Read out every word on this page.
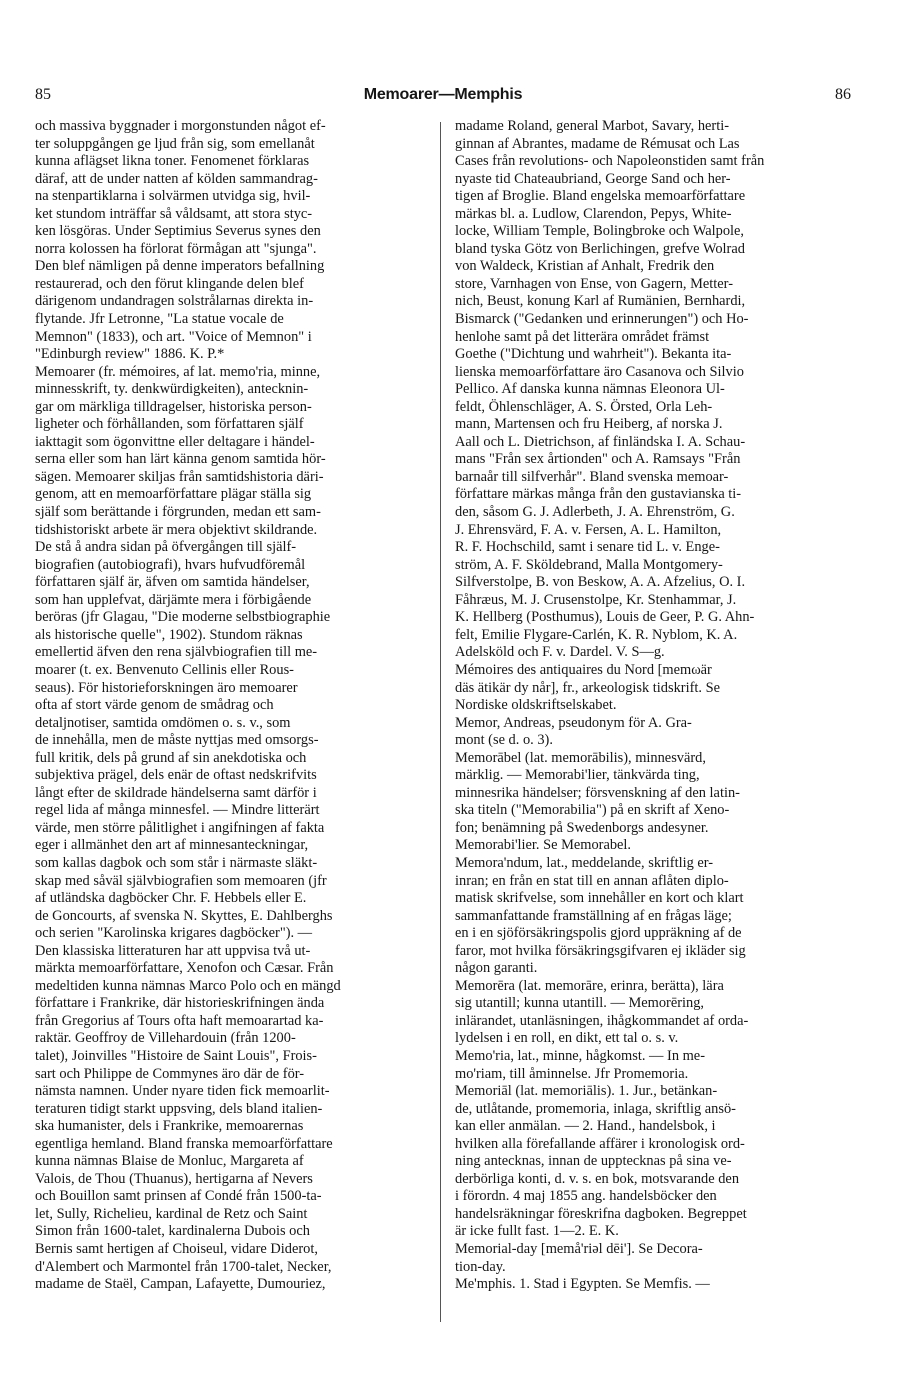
85	Memoarer—Memphis	86
och massiva byggnader i morgonstunden något ef-
ter soluppgången ge ljud från sig, som emellanåt
kunna aflägset likna toner. Fenomenet förklaras
däraf, att de under natten af kölden sammandrag-
na stenpartiklarna i solvärmen utvidga sig, hvil-
ket stundom inträffar så våldsamt, att stora styc-
ken lösgöras. Under Septimius Severus synes den
norra kolossen ha förlorat förmågan att "sjunga".
Den blef nämligen på denne imperators befallning
restaurerad, och den förut klingande delen blef
därigenom undandragen solstrålarnas direkta in-
flytande. Jfr Letronne, "La statue vocale de
Memnon" (1833), och art. "Voice of Memnon" i
"Edinburgh review" 1886. K. P.*
Memoarer (fr. mémoires, af lat. memo'ria, minne,
minnesskrift, ty. denkwürdigkeiten), antecknin-
gar om märkliga tilldragelser, historiska person-
ligheter och förhållanden, som författaren själf
iakttagit som ögonvittne eller deltagare i händel-
serna eller som han lärt känna genom samtida hör-
sägen. Memoarer skiljas från samtidshistoria däri-
genom, att en memoarförfattare plägar ställa sig
själf som berättande i förgrunden, medan ett sam-
tidshistoriskt arbete är mera objektivt skildrande.
De stå å andra sidan på öfvergången till själf-
biografien (autobiografi), hvars hufvudföremål
författaren själf är, äfven om samtida händelser,
som han upplefvat, därjämte mera i förbigående
beröras (jfr Glagau, "Die moderne selbstbiographie
als historische quelle", 1902). Stundom räknas
emellertid äfven den rena självbiografien till me-
moarer (t. ex. Benvenuto Cellinis eller Rous-
seaus). För historieforskningen äro memoarer
ofta af stort värde genom de smådrag och
detaljnotiser, samtida omdömen o. s. v., som
de innehålla, men de måste nyttjas med omsorgs-
full kritik, dels på grund af sin anekdotiska och
subjektiva prägel, dels enär de oftast nedskrifvits
långt efter de skildrade händelserna samt därför i
regel lida af många minnesfel. — Mindre litterärt
värde, men större pålitlighet i angifningen af fakta
eger i allmänhet den art af minnesanteckningar,
som kallas dagbok och som står i närmaste släkt-
skap med såväl självbiografien som memoaren (jfr
af utländska dagböcker Chr. F. Hebbels eller E.
de Goncourts, af svenska N. Skyttes, E. Dahlberghs
och serien "Karolinska krigares dagböcker"). —
Den klassiska litteraturen har att uppvisa två ut-
märkta memoarförfattare, Xenofon och Cæsar. Från
medeltiden kunna nämnas Marco Polo och en mängd
författare i Frankrike, där historieskrifningen ända
från Gregorius af Tours ofta haft memoarartad ka-
raktär. Geoffroy de Villehardouin (från 1200-
talet), Joinvilles "Histoire de Saint Louis", Frois-
sart och Philippe de Commynes äro där de för-
nämsta namnen. Under nyare tiden fick memoarlit-
teraturen tidigt starkt uppsving, dels bland italien-
ska humanister, dels i Frankrike, memoarernas
egentliga hemland. Bland franska memoarförfattare
kunna nämnas Blaise de Monluc, Margareta af
Valois, de Thou (Thuanus), hertigarna af Nevers
och Bouillon samt prinsen af Condé från 1500-ta-
let, Sully, Richelieu, kardinal de Retz och Saint
Simon från 1600-talet, kardinalerna Dubois och
Bernis samt hertigen af Choiseul, vidare Diderot,
d'Alembert och Marmontel från 1700-talet, Necker,
madame de Staël, Campan, Lafayette, Dumouriez,
madame Roland, general Marbot, Savary, herti-
ginnan af Abrantes, madame de Rémusat och Las
Cases från revolutions- och Napoleonstiden samt från
nyaste tid Chateaubriand, George Sand och her-
tigen af Broglie. Bland engelska memoarförfattare
märkas bl. a. Ludlow, Clarendon, Pepys, White-
locke, William Temple, Bolingbroke och Walpole,
bland tyska Götz von Berlichingen, grefve Wolrad
von Waldeck, Kristian af Anhalt, Fredrik den
store, Varnhagen von Ense, von Gagern, Metter-
nich, Beust, konung Karl af Rumänien, Bernhardi,
Bismarck ("Gedanken und erinnerungen") och Ho-
henlohe samt på det litterära området främst
Goethe ("Dichtung und wahrheit"). Bekanta ita-
lienska memoarförfattare äro Casanova och Silvio
Pellico. Af danska kunna nämnas Eleonora Ul-
feldt, Öhlenschläger, A. S. Örsted, Orla Leh-
mann, Martensen och fru Heiberg, af norska J.
Aall och L. Dietrichson, af finländska I. A. Schau-
mans "Från sex årtionden" och A. Ramsays "Från
barnaår till silfverhår". Bland svenska memoar-
författare märkas många från den gustavianska ti-
den, såsom G. J. Adlerbeth, J. A. Ehrenström, G.
J. Ehrensvärd, F. A. v. Fersen, A. L. Hamilton,
R. F. Hochschild, samt i senare tid L. v. Enge-
ström, A. F. Sköldebrand, Malla Montgomery-
Silfverstolpe, B. von Beskow, A. A. Afzelius, O. I.
Fåhræus, M. J. Crusenstolpe, Kr. Stenhammar, J.
K. Hellberg (Posthumus), Louis de Geer, P. G. Ahn-
felt, Emilie Flygare-Carlén, K. R. Nyblom, K. A.
Adelsköld och F. v. Dardel. V. S—g.
Mémoires des antiquaires du Nord [memωär
däs ätikär dy når], fr., arkeologisk tidskrift. Se
Nordiske oldskriftselskabet.
Memor, Andreas, pseudonym för A. Gra-
mont (se d. o. 3).
Memorābel (lat. memorābilis), minnesvärd,
märklig. — Memorabi'lier, tänkvärda ting,
minnesrika händelser; försvenskning af den latin-
ska titeln ("Memorabilia") på en skrift af Xeno-
fon; benämning på Swedenborgs andesyner.
Memorabi'lier. Se Memorabel.
Memora'ndum, lat., meddelande, skriftlig er-
inran; en från en stat till en annan aflåten diplo-
matisk skrifvelse, som innehåller en kort och klart
sammanfattande framställning af en frågas läge;
en i en sjöförsäkringspolis gjord uppräkning af de
faror, mot hvilka försäkringsgifvaren ej ikläder sig
någon garanti.
Memorēra (lat. memorāre, erinra, berätta), lära
sig utantill; kunna utantill. — Memorēring,
inlärandet, utanläsningen, ihågkommandet af orda-
lydelsen i en roll, en dikt, ett tal o. s. v.
Memo'ria, lat., minne, hågkomst. — In me-
mo'riam, till åminnelse. Jfr Promemoria.
Memoriāl (lat. memoriālis). 1. Jur., betänkan-
de, utlåtande, promemoria, inlaga, skriftlig ansö-
kan eller anmälan. — 2. Hand., handelsbok, i
hvilken alla förefallande affärer i kronologisk ord-
ning antecknas, innan de upptecknas på sina ve-
derbörliga konti, d. v. s. en bok, motsvarande den
i förordn. 4 maj 1855 ang. handelsböcker den
handelsräkningar föreskrifna dagboken. Begreppet
är icke fullt fast. 1—2. E. K.
Memorial-day [memå'riəl dēi']. Se Decora-
tion-day.
Me'mphis. 1. Stad i Egypten. Se Memfis. —
